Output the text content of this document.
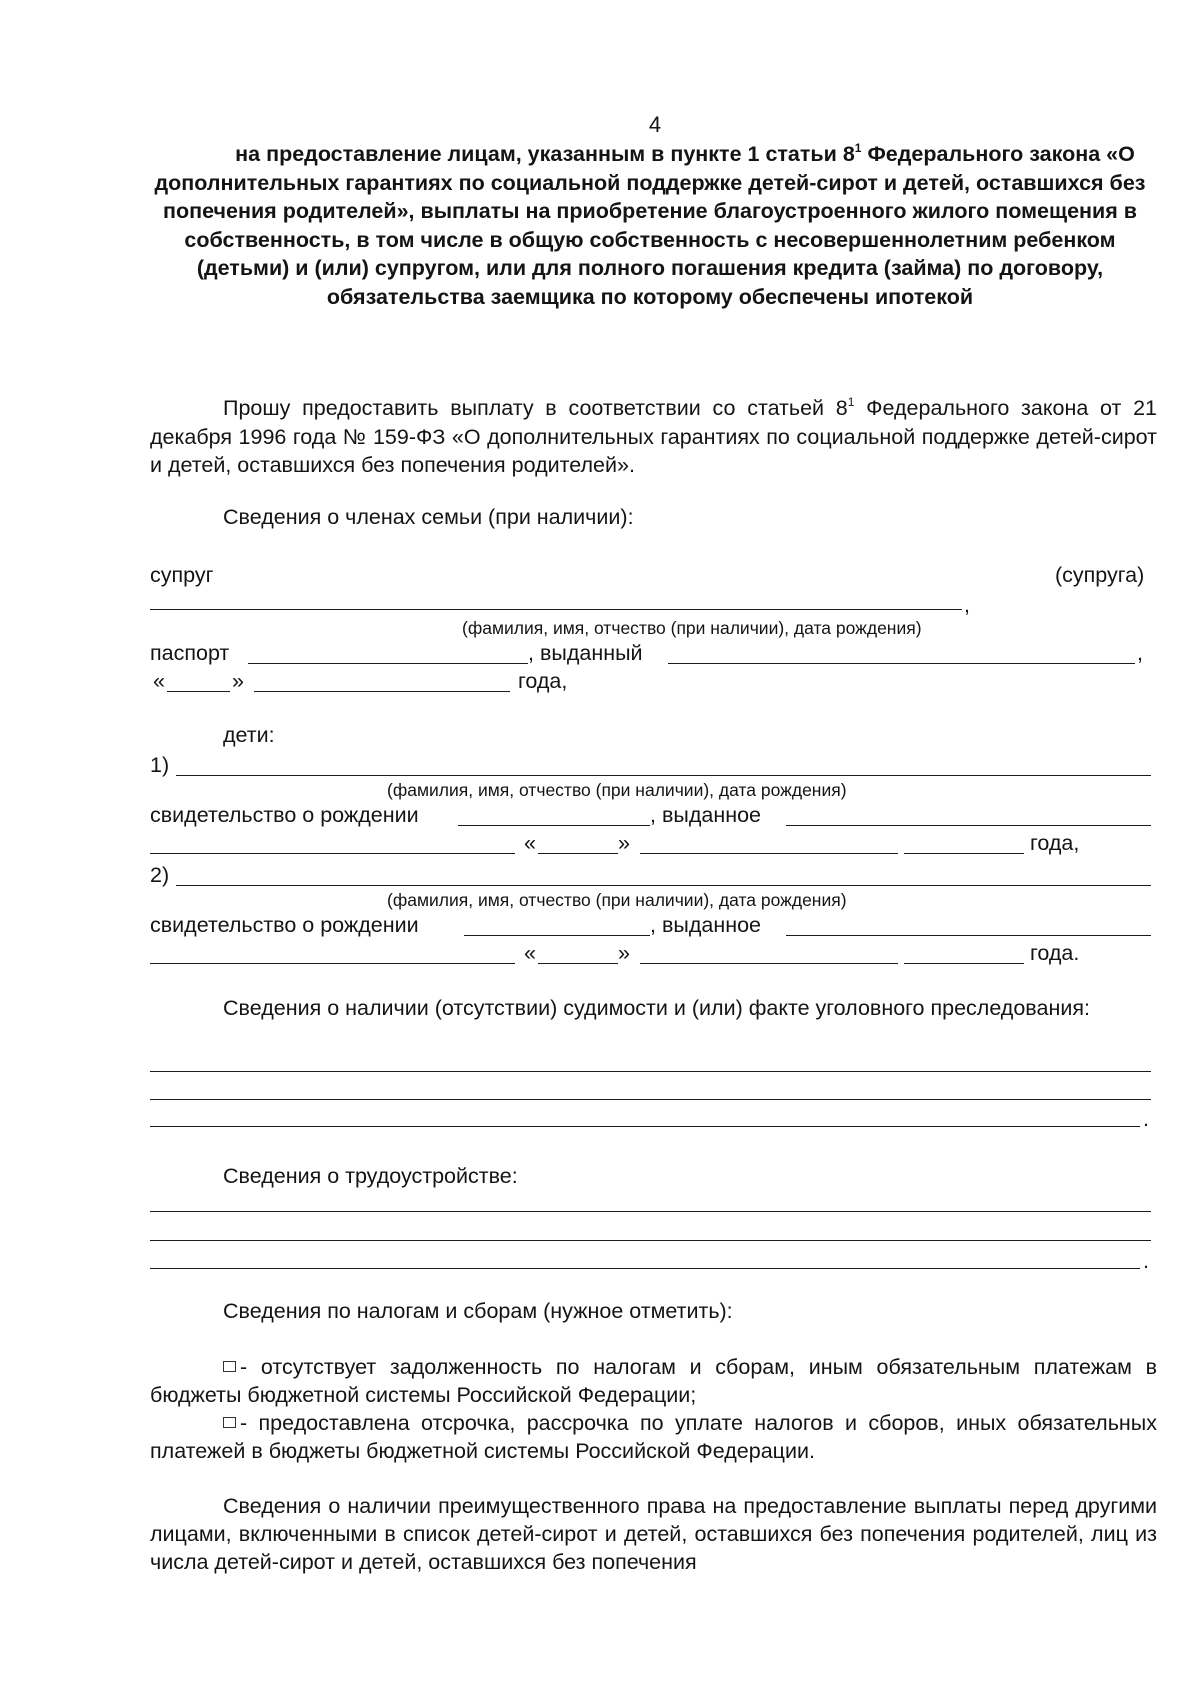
4
на предоставление лицам, указанным в пункте 1 статьи $8^1$ Федерального закона «О дополнительных гарантиях по социальной поддержке детей-сирот и детей, оставшихся без попечения родителей», выплаты на приобретение благоустроенного жилого помещения в собственность, в том числе в общую собственность с несовершеннолетним ребенком (детьми) и (или) супругом, или для полного погашения кредита (займа) по договору, обязательства заемщика по которому обеспечены ипотекой
Прошу предоставить выплату в соответствии со статьей $8^1$ Федерального закона от 21 декабря 1996 года № 159-ФЗ «О дополнительных гарантиях по социальной поддержке детей-сирот и детей, оставшихся без попечения родителей».
Сведения о членах семьи (при наличии):
супруг	(супруга)
,
(фамилия, имя, отчество (при наличии), дата рождения)
паспорт	, выданный	,
«	»	года,
дети:
1)
(фамилия, имя, отчество (при наличии), дата рождения)
свидетельство о рождении	, выданное
«	»	года,
2)
(фамилия, имя, отчество (при наличии), дата рождения)
свидетельство о рождении	, выданное
«	»	года.
Сведения о наличии (отсутствии) судимости и (или) факте уголовного преследования:
.
Сведения о трудоустройстве:
.
Сведения по налогам и сборам (нужное отметить):
- отсутствует задолженность по налогам и сборам, иным обязательным платежам в бюджеты бюджетной системы Российской Федерации;
- предоставлена отсрочка, рассрочка по уплате налогов и сборов, иных обязательных платежей в бюджеты бюджетной системы Российской Федерации.
Сведения о наличии преимущественного права на предоставление выплаты перед другими лицами, включенными в список детей-сирот и детей, оставшихся без попечения родителей, лиц из числа детей-сирот и детей, оставшихся без попечения
